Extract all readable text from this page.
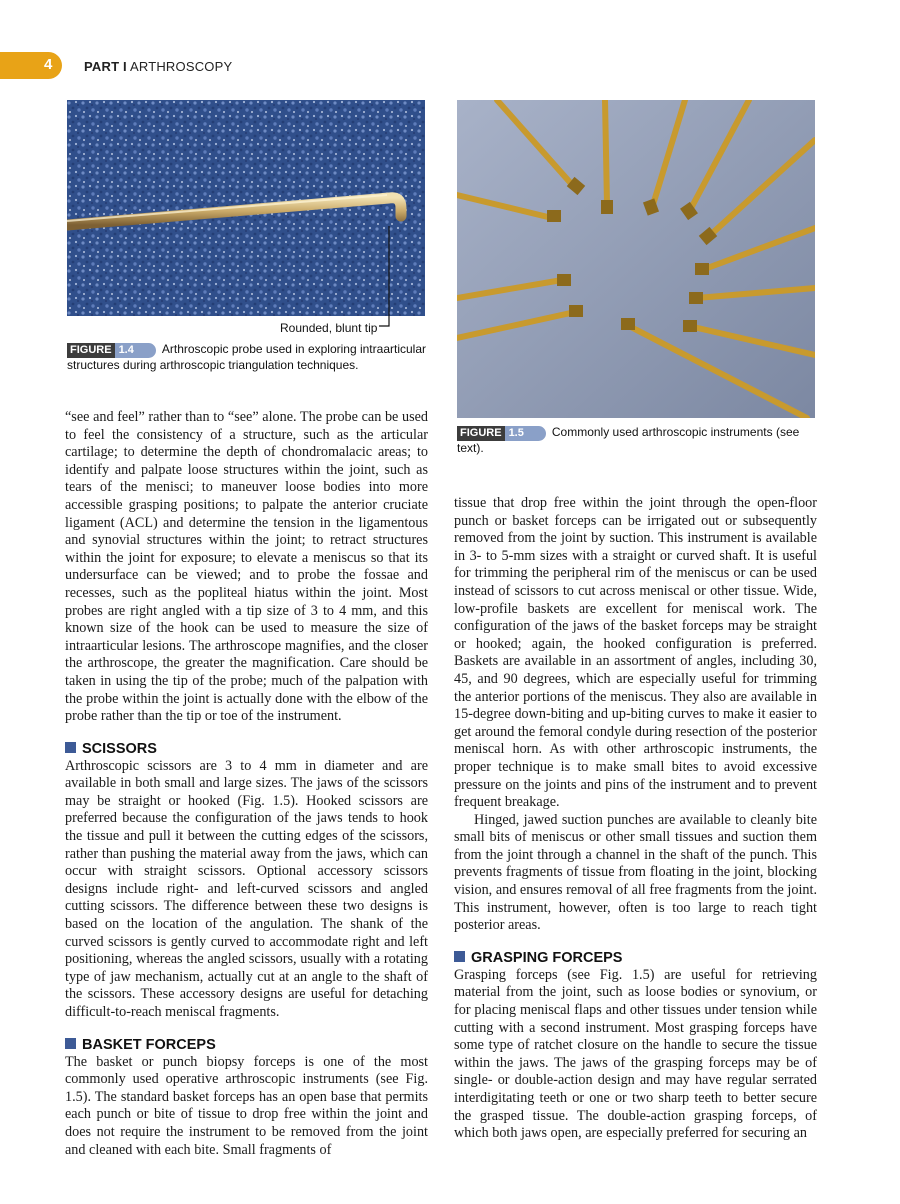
4 PART I ARTHROSCOPY
Rounded, blunt tip
FIGURE 1.4 Arthroscopic probe used in exploring intraarticular structures during arthroscopic triangulation techniques.
FIGURE 1.5 Commonly used arthroscopic instruments (see text).

“see and feel” rather than to “see” alone. The probe can be used to feel the consistency of a structure, such as the articular cartilage; to determine the depth of chondromalacic areas; to identify and palpate loose structures within the joint, such as tears of the menisci; to maneuver loose bodies into more accessible grasping positions; to palpate the anterior cruciate ligament (ACL) and determine the tension in the ligamentous and synovial structures within the joint; to retract structures within the joint for exposure; to elevate a meniscus so that its undersurface can be viewed; and to probe the fossae and recesses, such as the popliteal hiatus within the joint. Most probes are right angled with a tip size of 3 to 4 mm, and this known size of the hook can be used to measure the size of intraarticular lesions. The arthroscope magnifies, and the closer the arthroscope, the greater the magnification. Care should be taken in using the tip of the probe; much of the palpation with the probe within the joint is actually done with the elbow of the probe rather than the tip or toe of the instrument.

SCISSORS

Arthroscopic scissors are 3 to 4 mm in diameter and are available in both small and large sizes. The jaws of the scissors may be straight or hooked (Fig. 1.5). Hooked scissors are preferred because the configuration of the jaws tends to hook the tissue and pull it between the cutting edges of the scissors, rather than pushing the material away from the jaws, which can occur with straight scissors. Optional accessory scissors designs include right- and left-curved scissors and angled cutting scissors. The difference between these two designs is based on the location of the angulation. The shank of the curved scissors is gently curved to accommodate right and left positioning, whereas the angled scissors, usually with a rotating type of jaw mechanism, actually cut at an angle to the shaft of the scissors. These accessory designs are useful for detaching difficult-to-reach meniscal fragments.

BASKET FORCEPS

The basket or punch biopsy forceps is one of the most commonly used operative arthroscopic instruments (see Fig. 1.5). The standard basket forceps has an open base that permits each punch or bite of tissue to drop free within the joint and does not require the instrument to be removed from the joint and cleaned with each bite. Small fragments of

tissue that drop free within the joint through the open-floor punch or basket forceps can be irrigated out or subsequently removed from the joint by suction. This instrument is available in 3- to 5-mm sizes with a straight or curved shaft. It is useful for trimming the peripheral rim of the meniscus or can be used instead of scissors to cut across meniscal or other tissue. Wide, low-profile baskets are excellent for meniscal work. The configuration of the jaws of the basket forceps may be straight or hooked; again, the hooked configuration is preferred. Baskets are available in an assortment of angles, including 30, 45, and 90 degrees, which are especially useful for trimming the anterior portions of the meniscus. They also are available in 15-degree down-biting and up-biting curves to make it easier to get around the femoral condyle during resection of the posterior meniscal horn. As with other arthroscopic instruments, the proper technique is to make small bites to avoid excessive pressure on the joints and pins of the instrument and to prevent frequent breakage.

Hinged, jawed suction punches are available to cleanly bite small bits of meniscus or other small tissues and suction them from the joint through a channel in the shaft of the punch. This prevents fragments of tissue from floating in the joint, blocking vision, and ensures removal of all free fragments from the joint. This instrument, however, often is too large to reach tight posterior areas.

GRASPING FORCEPS

Grasping forceps (see Fig. 1.5) are useful for retrieving material from the joint, such as loose bodies or synovium, or for placing meniscal flaps and other tissues under tension while cutting with a second instrument. Most grasping forceps have some type of ratchet closure on the handle to secure the tissue within the jaws. The jaws of the grasping forceps may be of single- or double-action design and may have regular serrated interdigitating teeth or one or two sharp teeth to better secure the grasped tissue. The double-action grasping forceps, of which both jaws open, are especially preferred for securing an
